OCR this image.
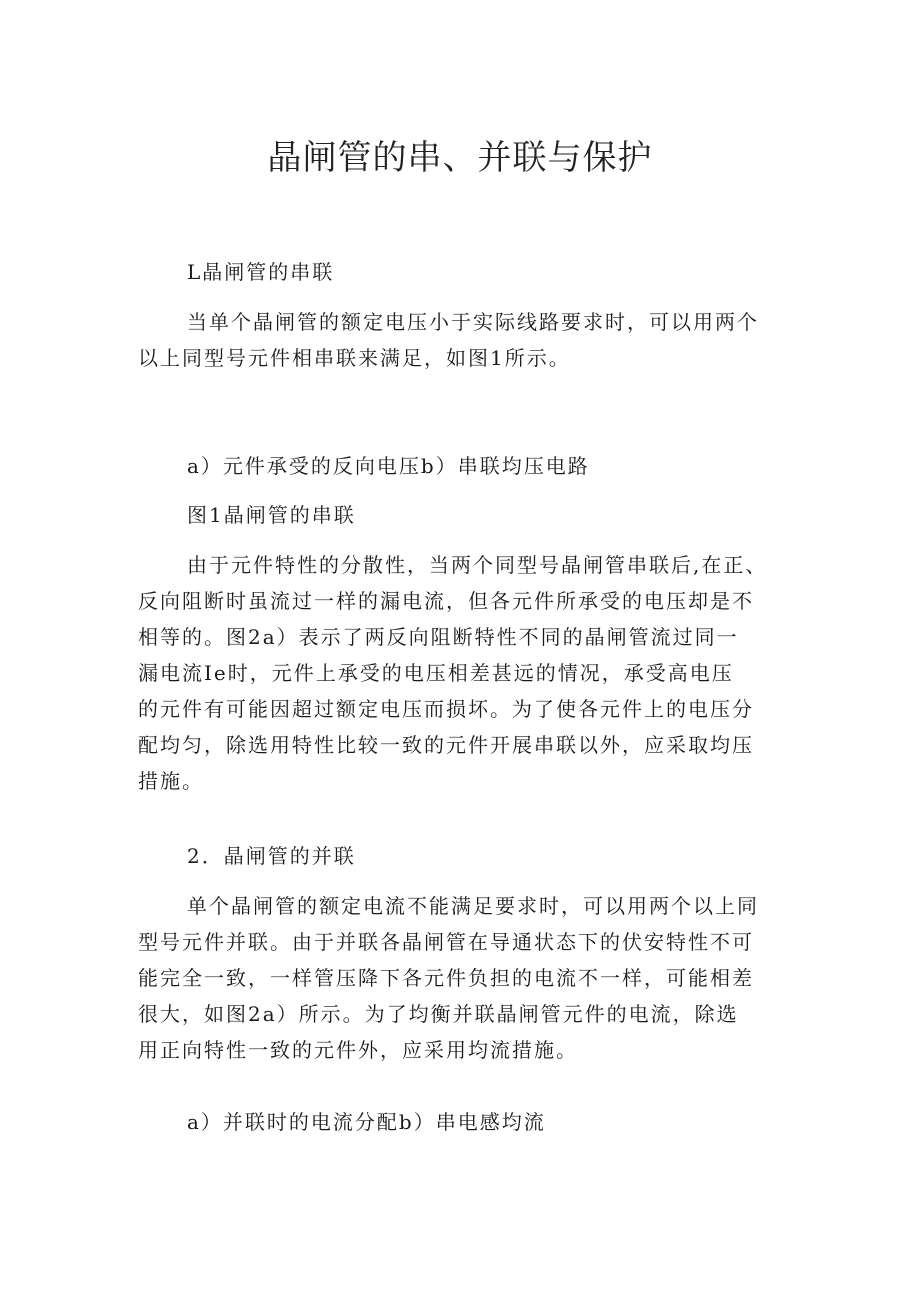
晶闸管的串、并联与保护
L晶闸管的串联
当单个晶闸管的额定电压小于实际线路要求时，可以用两个
以上同型号元件相串联来满足，如图1所示。
a）元件承受的反向电压b）串联均压电路
图1晶闸管的串联
由于元件特性的分散性，当两个同型号晶闸管串联后,在正、
反向阻断时虽流过一样的漏电流，但各元件所承受的电压却是不
相等的。图2a）表示了两反向阻断特性不同的晶闸管流过同一
漏电流Ie时，元件上承受的电压相差甚远的情况，承受高电压
的元件有可能因超过额定电压而损坏。为了使各元件上的电压分
配均匀，除选用特性比较一致的元件开展串联以外，应采取均压
措施。
2．晶闸管的并联
单个晶闸管的额定电流不能满足要求时，可以用两个以上同
型号元件并联。由于并联各晶闸管在导通状态下的伏安特性不可
能完全一致，一样管压降下各元件负担的电流不一样，可能相差
很大，如图2a）所示。为了均衡并联晶闸管元件的电流，除选
用正向特性一致的元件外，应采用均流措施。
a）并联时的电流分配b）串电感均流
